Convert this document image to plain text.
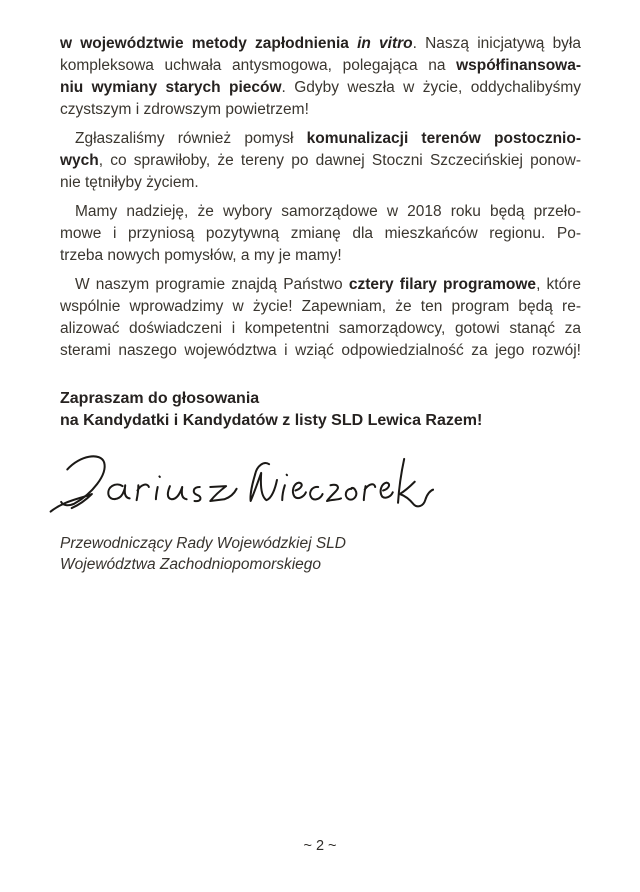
w województwie metody zapłodnienia in vitro. Naszą inicjatywą była
kompleksowa uchwała antysmogowa, polegająca na współfinansowa-
niu wymiany starych pieców. Gdyby weszła w życie, oddychalibyśmy
czystszym i zdrowszym powietrzem!
Zgłaszaliśmy również pomysł komunalizacji terenów postocznio-
wych, co sprawiłoby, że tereny po dawnej Stoczni Szczecińskiej ponow-
nie tętniłyby życiem.
Mamy nadzieję, że wybory samorządowe w 2018 roku będą przeło-
mowe i przyniosą pozytywną zmianę dla mieszkańców regionu. Po-
trzeba nowych pomysłów, a my je mamy!
W naszym programie znajdą Państwo cztery filary programowe, które
wspólnie wprowadzimy w życie! Zapewniam, że ten program będą re-
alizować doświadczeni i kompetentni samorządowcy, gotowi stanąć za
sterami naszego województwa i wziąć odpowiedzialność za jego rozwój!
Zapraszam do głosowania
na Kandydatki i Kandydatów z listy SLD Lewica Razem!
Przewodniczący Rady Wojewódzkiej SLD
Województwa Zachodniopomorskiego
~ 2 ~
